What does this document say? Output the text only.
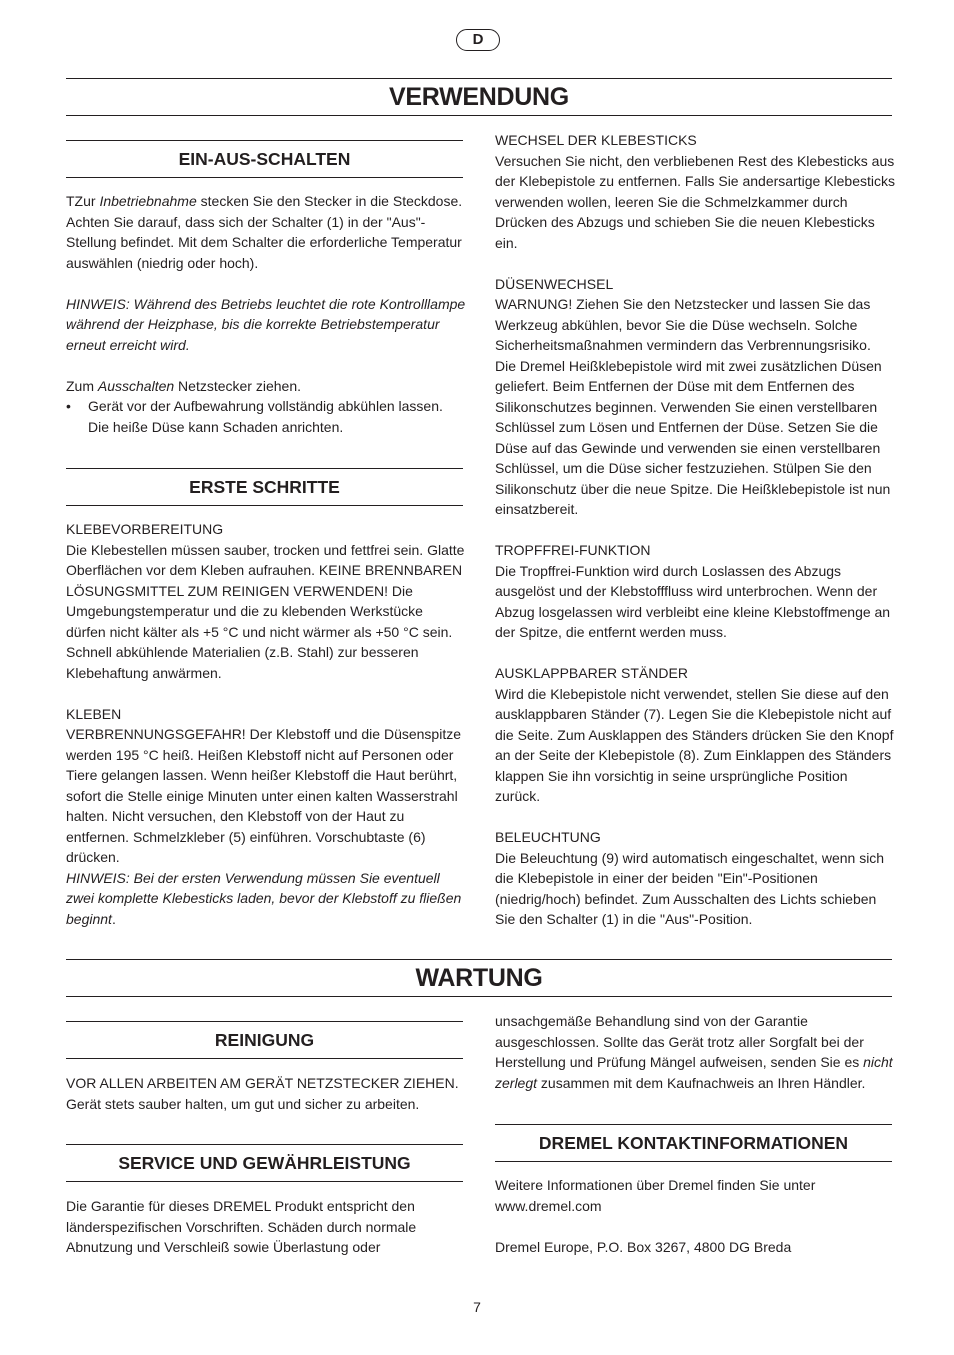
D
VERWENDUNG
EIN-AUS-SCHALTEN

TZur Inbetriebnahme stecken Sie den Stecker in die Steckdose. Achten Sie darauf, dass sich der Schalter (1) in der "Aus"-Stellung befindet. Mit dem Schalter die erforderliche Temperatur auswählen (niedrig oder hoch).

HINWEIS: Während des Betriebs leuchtet die rote Kontrolllampe während der Heizphase, bis die korrekte Betriebstemperatur erneut erreicht wird.

Zum Ausschalten Netzstecker ziehen.

• Gerät vor der Aufbewahrung vollständig abkühlen lassen. Die heiße Düse kann Schaden anrichten.

ERSTE SCHRITTE

KLEBEVORBEREITUNG

Die Klebestellen müssen sauber, trocken und fettfrei sein. Glatte Oberflächen vor dem Kleben aufrauhen. KEINE BRENNBAREN LÖSUNGSMITTEL ZUM REINIGEN VERWENDEN! Die Umgebungstemperatur und die zu klebenden Werkstücke dürfen nicht kälter als +5 °C und nicht wärmer als +50 °C sein. Schnell abkühlende Materialien (z.B. Stahl) zur besseren Klebehaftung anwärmen.

KLEBEN

VERBRENNUNGSGEFAHR! Der Klebstoff und die Düsenspitze werden 195 °C heiß. Heißen Klebstoff nicht auf Personen oder Tiere gelangen lassen. Wenn heißer Klebstoff die Haut berührt, sofort die Stelle einige Minuten unter einen kalten Wasserstrahl halten. Nicht versuchen, den Klebstoff von der Haut zu entfernen. Schmelzkleber (5) einführen. Vorschubtaste (6) drücken.

HINWEIS: Bei der ersten Verwendung müssen Sie eventuell zwei komplette Klebesticks laden, bevor der Klebstoff zu fließen beginnt.

WECHSEL DER KLEBESTICKS

Versuchen Sie nicht, den verbliebenen Rest des Klebesticks aus der Klebepistole zu entfernen. Falls Sie andersartige Klebesticks verwenden wollen, leeren Sie die Schmelzkammer durch Drücken des Abzugs und schieben Sie die neuen Klebesticks ein.

DÜSENWECHSEL

WARNUNG! Ziehen Sie den Netzstecker und lassen Sie das Werkzeug abkühlen, bevor Sie die Düse wechseln. Solche Sicherheitsmaßnahmen vermindern das Verbrennungsrisiko. Die Dremel Heißklebepistole wird mit zwei zusätzlichen Düsen geliefert. Beim Entfernen der Düse mit dem Entfernen des Silikonschutzes beginnen. Verwenden Sie einen verstellbaren Schlüssel zum Lösen und Entfernen der Düse. Setzen Sie die Düse auf das Gewinde und verwenden sie einen verstellbaren Schlüssel, um die Düse sicher festzuziehen. Stülpen Sie den Silikonschutz über die neue Spitze. Die Heißklebepistole ist nun einsatzbereit.

TROPFFREI-FUNKTION

Die Tropffrei-Funktion wird durch Loslassen des Abzugs ausgelöst und der Klebstofffluss wird unterbrochen. Wenn der Abzug losgelassen wird verbleibt eine kleine Klebstoffmenge an der Spitze, die entfernt werden muss.

AUSKLAPPBARER STÄNDER

Wird die Klebepistole nicht verwendet, stellen Sie diese auf den ausklappbaren Ständer (7). Legen Sie die Klebepistole nicht auf die Seite. Zum Ausklappen des Ständers drücken Sie den Knopf an der Seite der Klebepistole (8). Zum Einklappen des Ständers klappen Sie ihn vorsichtig in seine ursprüngliche Position zurück.

BELEUCHTUNG

Die Beleuchtung (9) wird automatisch eingeschaltet, wenn sich die Klebepistole in einer der beiden "Ein"-Positionen (niedrig/hoch) befindet. Zum Ausschalten des Lichts schieben Sie den Schalter (1) in die "Aus"-Position.

WARTUNG
REINIGUNG

VOR ALLEN ARBEITEN AM GERÄT NETZSTECKER ZIEHEN. Gerät stets sauber halten, um gut und sicher zu arbeiten.

SERVICE UND GEWÄHRLEISTUNG

Die Garantie für dieses DREMEL Produkt entspricht den länderspezifischen Vorschriften. Schäden durch normale Abnutzung und Verschleiß sowie Überlastung oder

unsachgemäße Behandlung sind von der Garantie ausgeschlossen. Sollte das Gerät trotz aller Sorgfalt bei der Herstellung und Prüfung Mängel aufweisen, senden Sie es nicht zerlegt zusammen mit dem Kaufnachweis an Ihren Händler.

DREMEL KONTAKTINFORMATIONEN

Weitere Informationen über Dremel finden Sie unter www.dremel.com

Dremel Europe, P.O. Box 3267, 4800 DG Breda

7
